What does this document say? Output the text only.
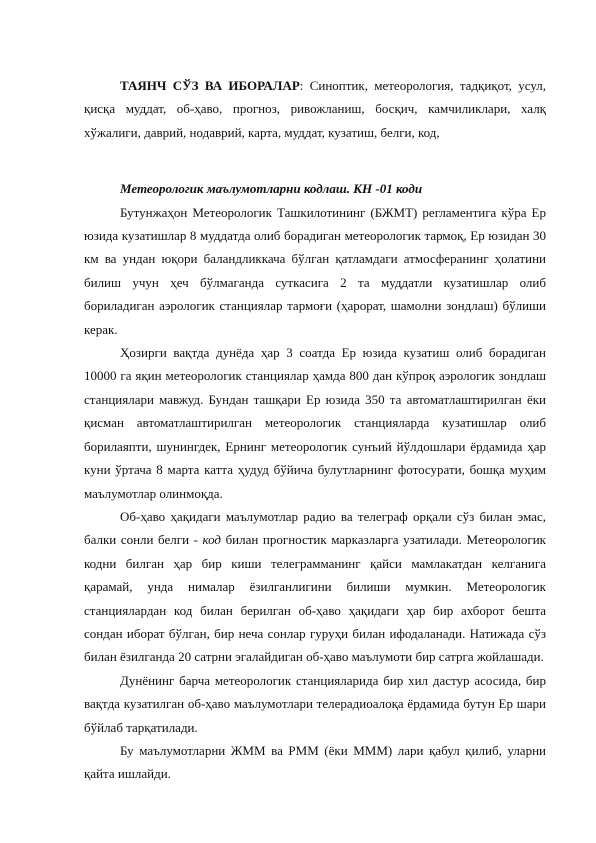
ТАЯНЧ СЎЗ ВА ИБОРАЛАР: Синоптик, метеорология, тадқиқот, усул, қисқа муддат, об-ҳаво, прогноз, ривожланиш, босқич, камчиликлари, халқ хўжалиги, даврий, нодаврий, карта, муддат, кузатиш, белги, код,

Метеорологик маълумотларни кодлаш. КН -01 коди

Бутунжаҳон Метеорологик Ташкилотининг (БЖМТ) регламентига кўра Ер юзида кузатишлар 8 муддатда олиб борадиган метеорологик тармоқ, Ер юзидан 30 км ва ундан юқори баландликкача бўлган қатламдаги атмосферанинг ҳолатини билиш учун ҳеч бўлмаганда суткасига 2 та муддатли кузатишлар олиб бориладиган аэрологик станциялар тармоғи (ҳарорат, шамолни зондлаш) бўлиши керак.

Ҳозирги вақтда дунёда ҳар 3 соатда Ер юзида кузатиш олиб борадиган 10000 га яқин метеорологик станциялар ҳамда 800 дан кўпроқ аэрологик зондлаш станциялари мавжуд. Бундан ташқари Ер юзида 350 та автоматлаштирилган ёки қисман автоматлаштирилган метеорологик станцияларда кузатишлар олиб борилаяпти, шунингдек, Ернинг метеорологик сунъий йўлдошлари ёрдамида ҳар куни ўртача 8 марта катта ҳудуд бўйича булутларнинг фотосурати, бошқа муҳим маълумотлар олинмоқда.

Об-ҳаво ҳақидаги маълумотлар радио ва телеграф орқали сўз билан эмас, балки сонли белги - код билан прогностик марказларга узатилади. Метеорологик кодни билган ҳар бир киши телеграмманинг қайси мамлакатдан келганига қарамай, унда нималар ёзилганлигини билиши мумкин. Метеорологик станциялардан код билан берилган об-ҳаво ҳақидаги ҳар бир ахборот бешта сондан иборат бўлган, бир неча сонлар гуруҳи билан ифодаланади. Натижада сўз билан ёзилганда 20 сатрни эгалайдиган об-ҳаво маълумоти бир сатрга жойлашади.

Дунёнинг барча метеорологик станцияларида бир хил дастур асосида, бир вақтда кузатилган об-ҳаво маълумотлари телерадиоалоқа ёрдамида бутун Ер шари бўйлаб тарқатилади.

Бу маълумотларни ЖММ ва РММ (ёки МММ) лари қабул қилиб, уларни қайта ишлайди.
